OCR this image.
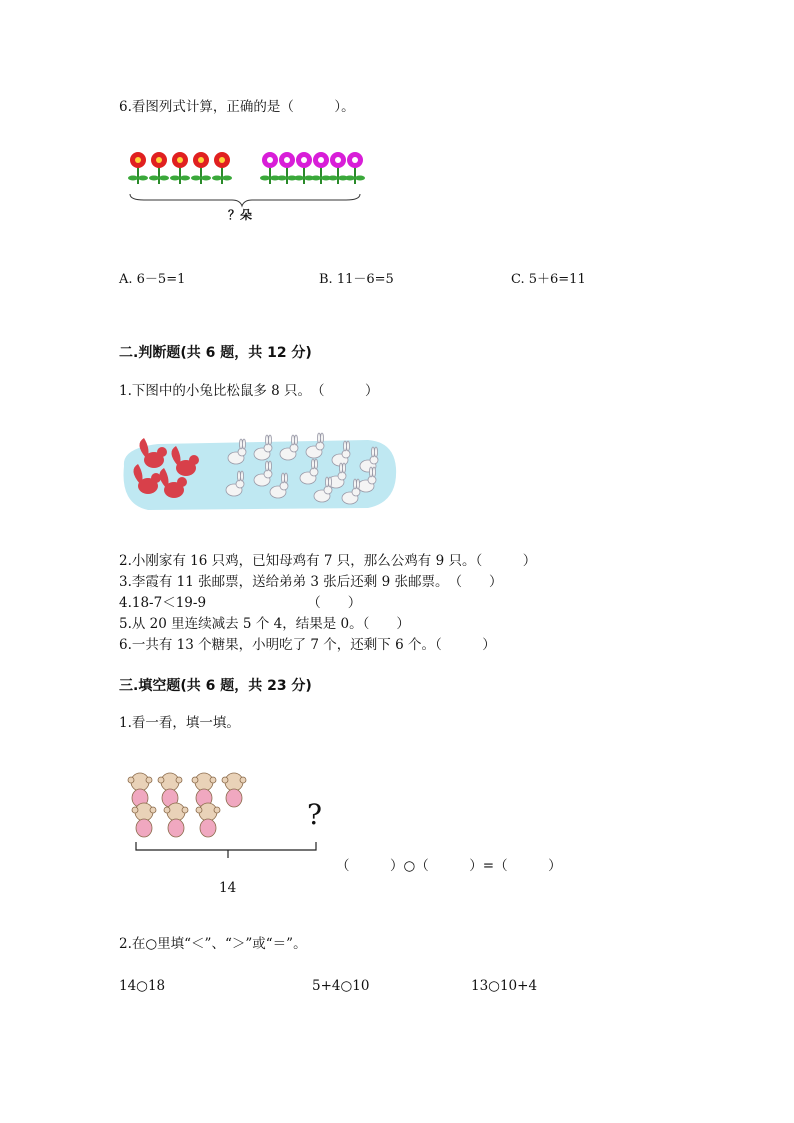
6.看图列式计算，正确的是（　　　）。
？朵
A. 6－5=1	B. 11－6=5	C. 5＋6=11
二.判断题(共 6 题，共 12 分)
1.下图中的小兔比松鼠多 8 只。　（　　　）
2.小刚家有 16 只鸡，已知母鸡有 7 只，那么公鸡有 9 只。（　　　）
3.李霞有 11 张邮票，送给弟弟 3 张后还剩 9 张邮票。　（　　）
4.18-7＜19-9　　　　　　　　（　　）
5.从 20 里连续减去 5 个 4，结果是 0。（　　）
6.一共有 13 个糖果，小明吃了 7 个，还剩下 6 个。（　　　）
三.填空题(共 6 题，共 23 分)
1.看一看，填一填。
?
（　　　）○（　　　）=（　　　）
14
2.在○里填“＜”、“＞”或“＝”。
14○18	5+4○10	13○10+4
